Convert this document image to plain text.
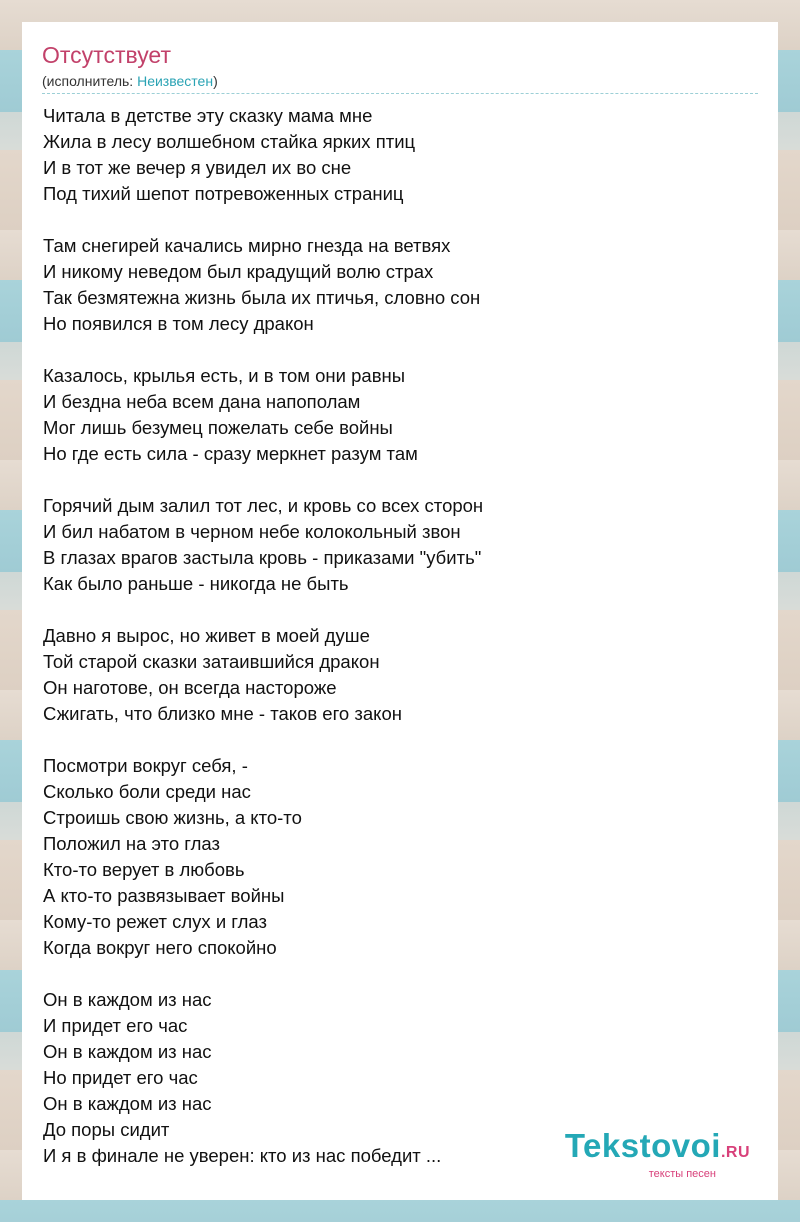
Отсутствует
(исполнитель: Неизвестен)
Читала в детстве эту сказку мама мне
Жила в лесу волшебном стайка ярких птиц
И в тот же вечер я увидел их во сне
Под тихий шепот потревоженных страниц
Там снегирей качались мирно гнезда на ветвях
И никому неведом был крадущий волю страх
Так безмятежна жизнь была их птичья, словно сон
Но появился в том лесу дракон
Казалось, крылья есть, и в том они равны
И бездна неба всем дана напополам
Мог лишь безумец пожелать себе войны
Но где есть сила - сразу меркнет разум там
Горячий дым залил тот лес, и кровь со всех сторон
И бил набатом в черном небе колокольный звон
В глазах врагов застыла кровь - приказами "убить"
Как было раньше - никогда не быть
Давно я вырос, но живет в моей душе
Той старой сказки затаившийся дракон
Он наготове, он всегда настороже
Сжигать, что близко мне - таков его закон
Посмотри вокруг себя, -
Сколько боли среди нас
Строишь свою жизнь, а кто-то
Положил на это глаз
Кто-то верует в любовь
А кто-то развязывает войны
Кому-то режет слух и глаз
Когда вокруг него спокойно
Он в каждом из нас
И придет его час
Он в каждом из нас
Но придет его час
Он в каждом из нас
До поры сидит
И я в финале не уверен: кто из нас победит ...	Tekstovoi.RU
тексты песен
